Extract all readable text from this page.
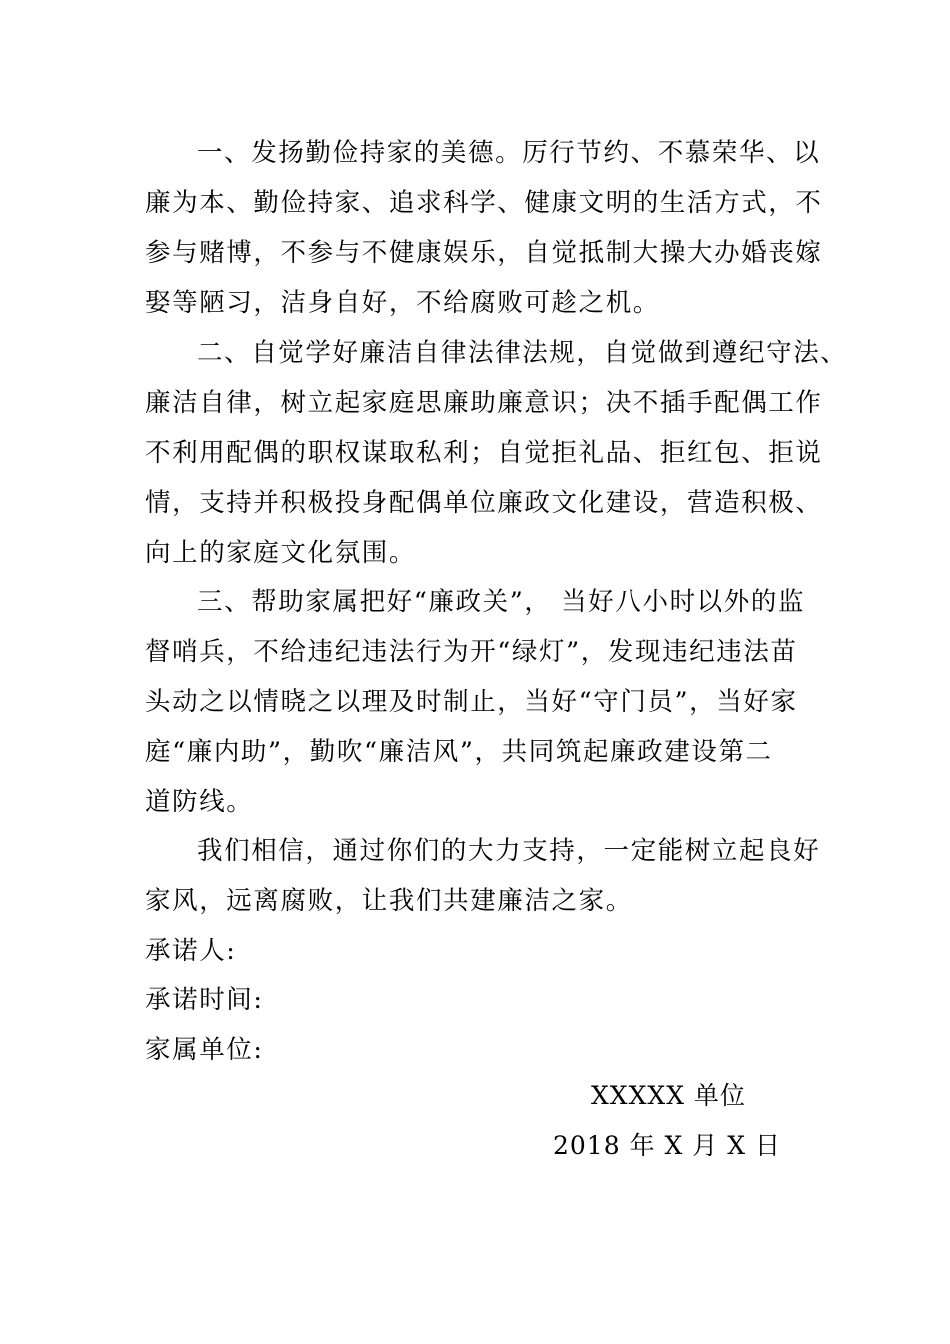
一、发扬勤俭持家的美德。厉行节约、不慕荣华、以
廉为本、勤俭持家、追求科学、健康文明的生活方式，不
参与赌博，不参与不健康娱乐，自觉抵制大操大办婚丧嫁
娶等陋习，洁身自好，不给腐败可趁之机。
二、自觉学好廉洁自律法律法规，自觉做到遵纪守法、
廉洁自律，树立起家庭思廉助廉意识；决不插手配偶工作
不利用配偶的职权谋取私利；自觉拒礼品、拒红包、拒说
情，支持并积极投身配偶单位廉政文化建设，营造积极、
向上的家庭文化氛围。
三、帮助家属把好“廉政关”， 当好八小时以外的监
督哨兵，不给违纪违法行为开“绿灯”，发现违纪违法苗
头动之以情晓之以理及时制止，当好“守门员”，当好家
庭“廉内助”，勤吹“廉洁风”，共同筑起廉政建设第二
道防线。
我们相信，通过你们的大力支持，一定能树立起良好
家风，远离腐败，让我们共建廉洁之家。
承诺人:
承诺时间:
家属单位:
XXXXX 单位
2018 年 X 月 X 日
